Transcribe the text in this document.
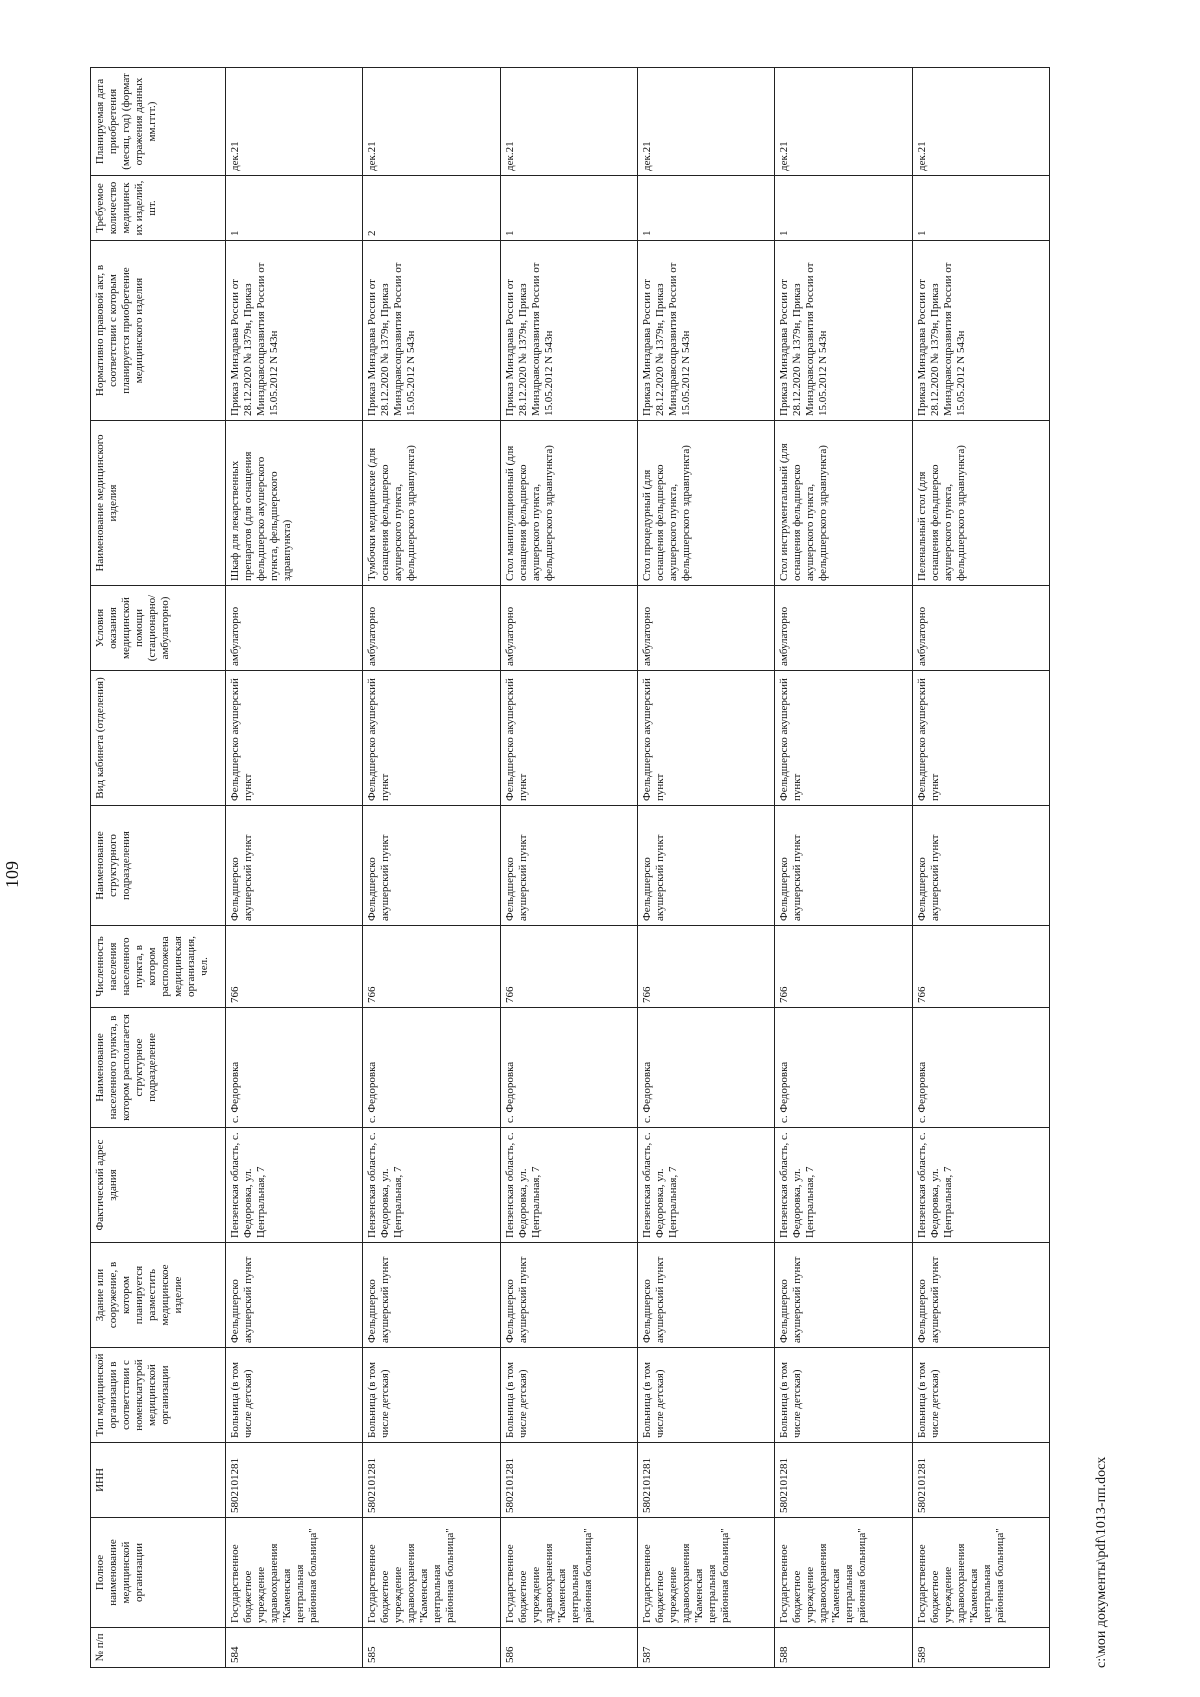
109
№ п/п	Полное наименование медицинской организации	ИНН	Тип медицинской организации в соответствии с номенклатурой медицинской организации	Здание или сооружение, в котором планируется разместить медицинское изделие	Фактический адрес здания	Наименование населенного пункта, в котором располагается структурное подразделение	Численность населения населенного пункта, в котором расположена медицинская организация, чел.	Наименование структурного подразделения	Вид кабинета (отделения)	Условия оказания медицинской помощи (стационарно/ амбулаторно)	Наименование медицинского изделия	Нормативно правовой акт, в соответствии с которым планируется приобретение медицинского изделия	Требуемое количество медицинских изделий, шт.	Планируемая дата приобретения (месяц, год) (формат отражения данных мм.гггг.)
584	Государственное бюджетное учреждение здравоохранения "Каменская центральная районная больница"	5802101281	Больница (в том числе детская)	Фельдшерско акушерский пункт	Пензенская область, с. Федоровка, ул. Центральная, 7	с. Федоровка	766	Фельдшерско акушерский пункт	Фельдшерско акушерский пункт	амбулаторно	Шкаф для лекарственных препаратов (для оснащения фельдшерско акушерского пункта, фельдшерского здравпункта)	Приказ Минздрава России от 28.12.2020 № 1379н, Приказ Минздравсоцразвития России от 15.05.2012 N 543н	1	дек.21
585	Государственное бюджетное учреждение здравоохранения "Каменская центральная районная больница"	5802101281	Больница (в том числе детская)	Фельдшерско акушерский пункт	Пензенская область, с. Федоровка, ул. Центральная, 7	с. Федоровка	766	Фельдшерско акушерский пункт	Фельдшерско акушерский пункт	амбулаторно	Тумбочки медицинские (для оснащения фельдшерско акушерского пункта, фельдшерского здравпункта)	Приказ Минздрава России от 28.12.2020 № 1379н, Приказ Минздравсоцразвития России от 15.05.2012 N 543н	2	дек.21
586	Государственное бюджетное учреждение здравоохранения "Каменская центральная районная больница"	5802101281	Больница (в том числе детская)	Фельдшерско акушерский пункт	Пензенская область, с. Федоровка, ул. Центральная, 7	с. Федоровка	766	Фельдшерско акушерский пункт	Фельдшерско акушерский пункт	амбулаторно	Стол манипуляционный (для оснащения фельдшерско акушерского пункта, фельдшерского здравпункта)	Приказ Минздрава России от 28.12.2020 № 1379н, Приказ Минздравсоцразвития России от 15.05.2012 N 543н	1	дек.21
587	Государственное бюджетное учреждение здравоохранения "Каменская центральная районная больница"	5802101281	Больница (в том числе детская)	Фельдшерско акушерский пункт	Пензенская область, с. Федоровка, ул. Центральная, 7	с. Федоровка	766	Фельдшерско акушерский пункт	Фельдшерско акушерский пункт	амбулаторно	Стол процедурный (для оснащения фельдшерско акушерского пункта, фельдшерского здравпункта)	Приказ Минздрава России от 28.12.2020 № 1379н, Приказ Минздравсоцразвития России от 15.05.2012 N 543н	1	дек.21
588	Государственное бюджетное учреждение здравоохранения "Каменская центральная районная больница"	5802101281	Больница (в том числе детская)	Фельдшерско акушерский пункт	Пензенская область, с. Федоровка, ул. Центральная, 7	с. Федоровка	766	Фельдшерско акушерский пункт	Фельдшерско акушерский пункт	амбулаторно	Стол инструментальный (для оснащения фельдшерско акушерского пункта, фельдшерского здравпункта)	Приказ Минздрава России от 28.12.2020 № 1379н, Приказ Минздравсоцразвития России от 15.05.2012 N 543н	1	дек.21
589	Государственное бюджетное учреждение здравоохранения "Каменская центральная районная больница"	5802101281	Больница (в том числе детская)	Фельдшерско акушерский пункт	Пензенская область, с. Федоровка, ул. Центральная, 7	с. Федоровка	766	Фельдшерско акушерский пункт	Фельдшерско акушерский пункт	амбулаторно	Пеленальный стол (для оснащения фельдшерско акушерского пункта, фельдшерского здравпункта)	Приказ Минздрава России от 28.12.2020 № 1379н, Приказ Минздравсоцразвития России от 15.05.2012 N 543н	1	дек.21
c:\мои документы\pdf\1013-пп.docx
